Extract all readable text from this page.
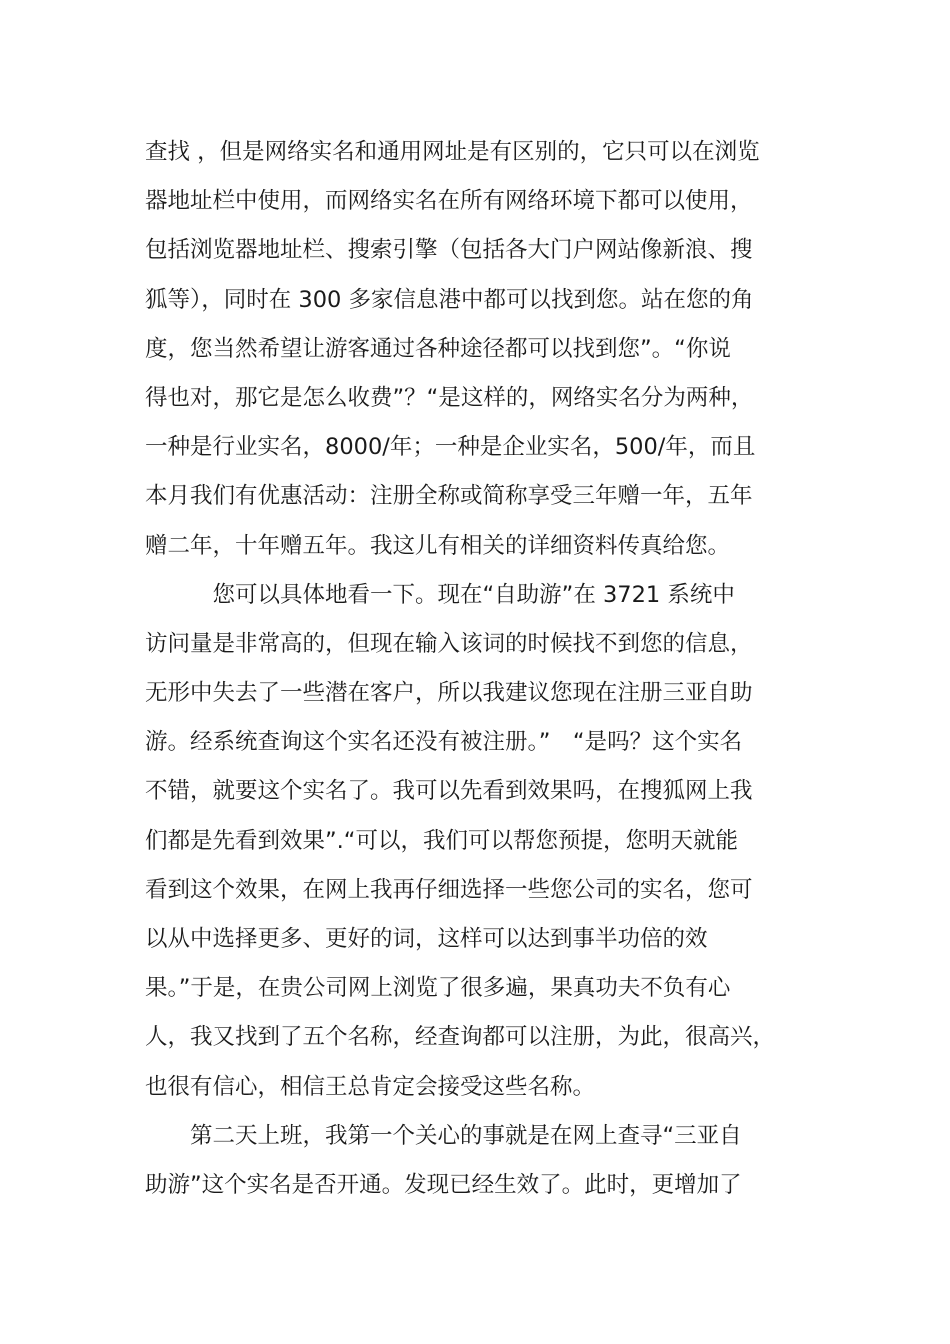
查找 ，但是网络实名和通用网址是有区别的，它只可以在浏览
器地址栏中使用，而网络实名在所有网络环境下都可以使用，
包括浏览器地址栏、搜索引擎（包括各大门户网站像新浪、搜
狐等），同时在 300 多家信息港中都可以找到您。站在您的角
度，您当然希望让游客通过各种途径都可以找到您”。“你说
得也对，那它是怎么收费”？“是这样的，网络实名分为两种，
一种是行业实名，8000/年；一种是企业实名，500/年，而且
本月我们有优惠活动：注册全称或简称享受三年赠一年，五年
赠二年，十年赠五年。我这儿有相关的详细资料传真给您。
　　　您可以具体地看一下。现在“自助游”在 3721 系统中
访问量是非常高的，但现在输入该词的时候找不到您的信息，
无形中失去了一些潜在客户，所以我建议您现在注册三亚自助
游。经系统查询这个实名还没有被注册。”　“是吗？这个实名
不错，就要这个实名了。我可以先看到效果吗，在搜狐网上我
们都是先看到效果”.“可以，我们可以帮您预提，您明天就能
看到这个效果，在网上我再仔细选择一些您公司的实名，您可
以从中选择更多、更好的词，这样可以达到事半功倍的效
果。”于是，在贵公司网上浏览了很多遍，果真功夫不负有心
人，我又找到了五个名称，经查询都可以注册，为此，很高兴，
也很有信心，相信王总肯定会接受这些名称。
　　第二天上班，我第一个关心的事就是在网上查寻“三亚自
助游”这个实名是否开通。发现已经生效了。此时，更增加了
